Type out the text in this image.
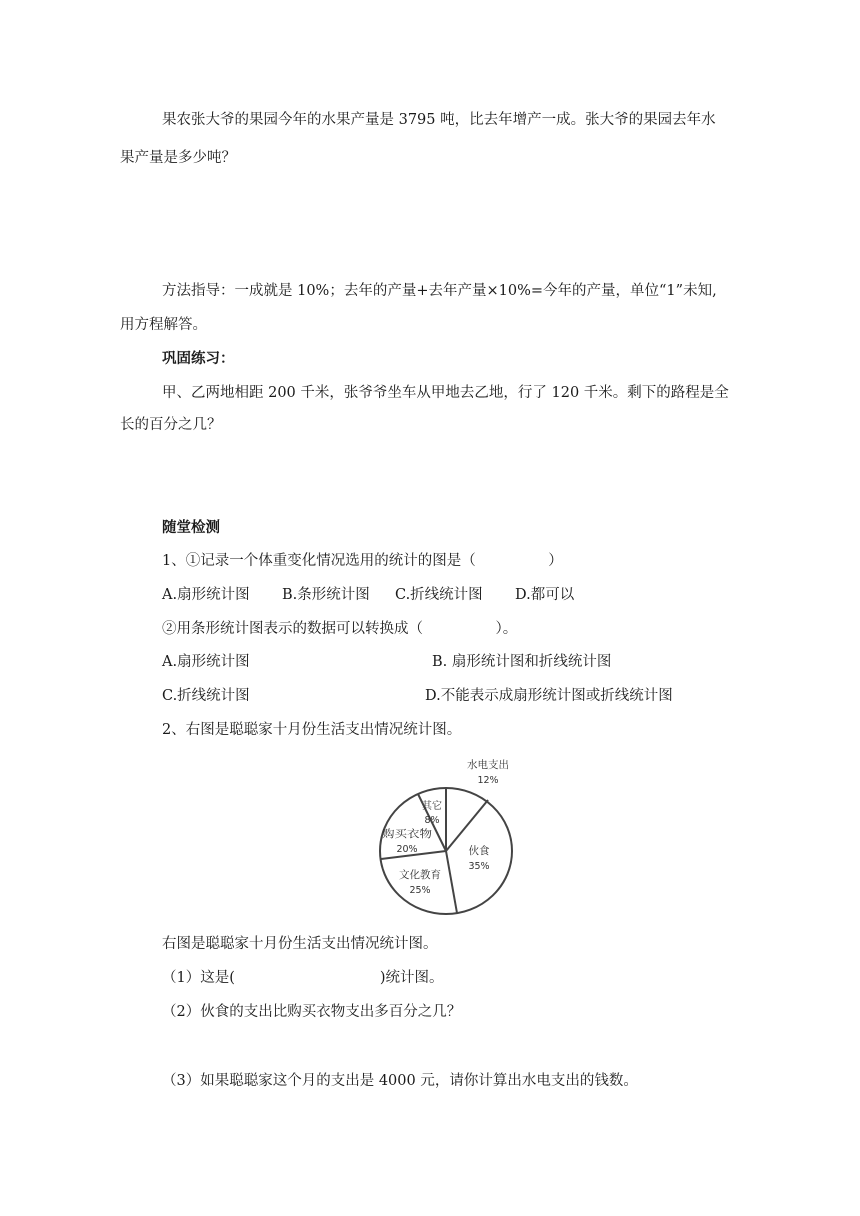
果农张大爷的果园今年的水果产量是 3795 吨，比去年增产一成。张大爷的果园去年水
果产量是多少吨？
方法指导：一成就是 10%；去年的产量+去年产量×10%=今年的产量，单位“1”未知,
用方程解答。
巩固练习：
甲、乙两地相距 200 千米，张爷爷坐车从甲地去乙地，行了 120 千米。剩下的路程是全
长的百分之几？
随堂检测
1、①记录一个体重变化情况选用的统计的图是（　　　　　）
A.扇形统计图 B.条形统计图 C.折线统计图 D.都可以
②用条形统计图表示的数据可以转换成（　　　　　）。
A.扇形统计图	B. 扇形统计图和折线统计图
C.折线统计图	D.不能表示成扇形统计图或折线统计图
2、右图是聪聪家十月份生活支出情况统计图。
水电支出
12%
伙食
35%
文化教育
25%
购买衣物
20%
其它
8%
右图是聪聪家十月份生活支出情况统计图。
（1）这是(　　　　　　　　　　)统计图。
（2）伙食的支出比购买衣物支出多百分之几？
（3）如果聪聪家这个月的支出是 4000 元，请你计算出水电支出的钱数。
